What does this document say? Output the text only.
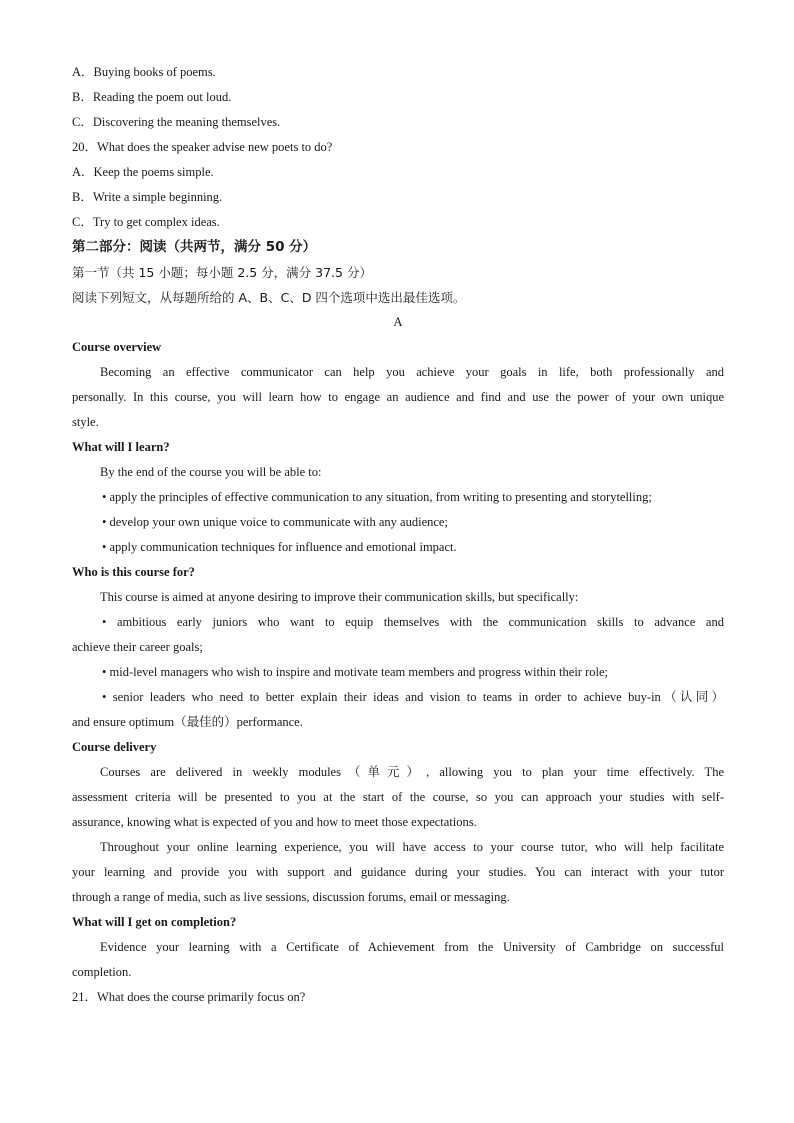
A．Buying books of poems.
B．Reading the poem out loud.
C．Discovering the meaning themselves.
20．What does the speaker advise new poets to do?
A．Keep the poems simple.
B．Write a simple beginning.
C．Try to get complex ideas.
第二部分：阅读（共两节，满分 50 分）
第一节（共 15 小题；每小题 2.5 分，满分 37.5 分）
阅读下列短文，从每题所给的 A、B、C、D 四个选项中选出最佳选项。
A
Course overview
Becoming an effective communicator can help you achieve your goals in life, both professionally and
personally. In this course, you will learn how to engage an audience and find and use the power of your own unique
style.
What will I learn?
By the end of the course you will be able to:
• apply the principles of effective communication to any situation, from writing to presenting and storytelling;
• develop your own unique voice to communicate with any audience;
• apply communication techniques for influence and emotional impact.
Who is this course for?
This course is aimed at anyone desiring to improve their communication skills, but specifically:
• ambitious early juniors who want to equip themselves with the communication skills to advance and
achieve their career goals;
• mid-level managers who wish to inspire and motivate team members and progress within their role;
• senior leaders who need to better explain their ideas and vision to teams in order to achieve buy-in（认同）
and ensure optimum（最佳的）performance.
Course delivery
Courses are delivered in weekly modules（单元）, allowing you to plan your time effectively. The
assessment criteria will be presented to you at the start of the course, so you can approach your studies with self-
assurance, knowing what is expected of you and how to meet those expectations.
Throughout your online learning experience, you will have access to your course tutor, who will help facilitate
your learning and provide you with support and guidance during your studies. You can interact with your tutor
through a range of media, such as live sessions, discussion forums, email or messaging.
What will I get on completion?
Evidence your learning with a Certificate of Achievement from the University of Cambridge on successful
completion.
21．What does the course primarily focus on?
